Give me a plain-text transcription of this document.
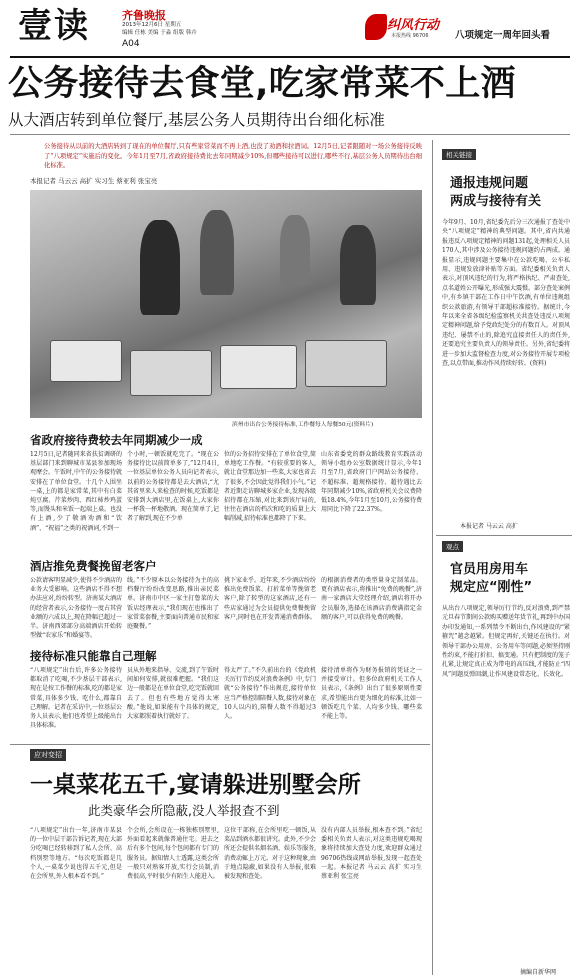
壹读	齐鲁晚报
2013年12月6日 星期五
编辑 任栋 美编 于淼 组版 韩卉
A04
纠风行动
本报热线 96706	八项规定一周年回头看
公务接待去食堂,吃家常菜不上酒
从大酒店转到单位餐厅,基层公务人员期待出台细化标准
公务接待从以前的大酒店转到了现在的单位餐厅,只有些家常菜而不再上酒,也没了劝酒和拉酒词。12月5日,记者跟随对一场公务接待反映了“八项规定”实施后的变化。今年1月至7月,省政府接待费比去年同期减少10%,但哪些接待可以进行,哪些不行,基层公务人员期待出台细化标准。
本报记者 马云云 高扩 实习生 蔡亚利 张宝亮
滨州市出台公务接待标准,工作餐每人每餐50元(资料片)
省政府接待费较去年同期减少一成
12月5日,记者随同来省扶贫调研的基层部门来到聊城市某县参加现场观摩会。午饭时,中午的公务接待就安排在了单位食堂。十几个人围坐一桌,上的都是家常菜,其中有白菜炖豆腐、芹菜炒肉、西红柿炒鸡蛋等,而馒头和米饭一起端上桌。也没有上酒,少了敬酒劝酒和“饮酒”、“祝福”之类的祝酒词,不到一
个小时,一顿饭就吃完了。“现在公务接待比以前简单多了,”12月4日,一位基层单位公务人员向记者表示,以前的公务接待都是去大酒店,“尤其省里来人来检查的时候,吃饭都是安排到大酒店里,在饭桌上,大家你一杯我一杯地敬酒。现在简单了,记者了解到,现在不少单
位的公务招待安排在了单位食堂,简单地吃工作餐。“有较重要的客人,就让食堂那边加一些菜,大家也省去了很多,不会因此觉得我们小气。”记者近期走访聊城多家企业,发现各级招待都在压缩,对比来到该厅局的,往往在酒店的档次和吃的质量上大幅削减,招待标准也都降了下来。
山东省委党的群众路线教育实践活动领导小组办公室数据统计显示,今年1月至7月,省政府门户网站公务接待、不超标准、超规格接待、超待遇比去年同期减少10%,省政府机关会议费降低18.4%,今年1月至10月,公务接待费用同比下降了22.37%。
酒店推免费餐挽留老客户
公款请客明显减少,使得不少酒店的业务大受影响。这些酒店不得不想办法应对,纷纷转型。济南某大酒店的经营者表示,公务接待一度占其营业额的六成以上,现在降幅已超过一半。济南西郊部分高端酒店开始转型做“农家乐”和婚宴等。
线。”不少原本以公务接待为主的高档餐厅纷纷改变思路,推出亲民菜单。济南市中区一家主打鲁菜的大饭店经理表示,“我们现在也推出了家常菜套餐,主要面向普通市民和家庭聚餐。”
挑下家业乎。近年来,不少酒店纷纷推出免费饭菜、打折菜单等挽留老客户,除了转型的这家酒店,还有一些店家通过为会员提供免费餐挽留客户,同时也在开发普通消费群体。
的根据消费者的类型量身定制菜品。更有酒店表示,将推出“免费的晚餐”,济南一家酒店大堂经理介绍,酒店将开办会员服务,选择在该酒店消费满指定金额的客户,可以获得免费的晚餐。
接待标准只能靠自己理解
“八项规定”出台后,许多公务接待都取消了吃喝,不少基层干部表示,现在是按工作餐的标准,吃的都是家常菜,具体多少钱、吃什么,都靠自己理解。记者在采访中,一位基层公务人员表示,他们也希望上级能出台具体标准。
员从外地来指导、交流,到了午饭时间如何安排,就很难把握。“我们这边一般都是在单位食堂,吃完饭就回去了。但也有些地方觉得太寒酸。”他说,如果能有个具体的规定,大家都照着执行就好了。
得太严了。”不久前出台的《党政机关厉行节约反对浪费条例》中,专门就“公务接待”作出规范,接待单位应当严格控制陪餐人数,接待对象在10人以内的,陪餐人数不得超过3人。
接待清单将作为财务报销的凭证之一并接受审计。但多位政府机关工作人员表示,《条例》出台了很多原则性要求,希望能出台更为细化的标准,比如一顿饭吃几个菜、人均多少钱、哪些菜不能上等。
应对变招
一桌菜花五千,宴请躲进别墅会所
此类豪华会所隐蔽,没人举报查不到
“八项规定”出台一年,济南市某县的一位中层干部告诉记者,现在大部分吃喝已经转移到了私人会所、高档别墅等地方。“每次吃饭都是几个人,一桌菜少说也得五千元,但是在会所里,外人根本看不到。”
个会所,会所设在一栋独栋别墅里,外面看起来就像普通住宅。进去之后有多个包间,每个包间都有专门的服务员。据知情人士透露,这类会所一般只对熟客开放,实行会员制,消费很高,平时很少有陌生人能进入。
这位干部称,在会所里吃一顿饭,从菜品到酒水都很讲究。此外,不少会所还会提供名烟名酒、娱乐等服务,消费动辄上万元。对于这种现象,由于地点隐蔽,如果没有人举报,很难被发现和查处。
没有内部人员举报,根本查不到。”省纪委相关负责人表示,对这类违规吃喝现象将持续加大查处力度,欢迎群众通过96706热线或网站举报,发现一起查处一起。本报记者 马云云 高扩 实习生 蔡亚利 张宝亮
相关链接
通报违规问题
两成与接待有关
今年9月、10月,省纪委先后分三次通报了查处中央“八项规定”精神的典型问题。其中,省内共通报违反八项规定精神的问题131起,处理相关人员170人,其中涉及公务接待违规问题约占两成。通报显示,违规问题主要集中在公款吃喝、公车私用、违规发放津补贴等方面。省纪委相关负责人表示,对顶风违纪的行为,将严格执纪、严肃查处,点名道姓公开曝光,形成强大震慑。部分查处案例中,有乡镇干部在工作日中午饮酒,有单位违规组织公款旅游,有领导干部超标准接待。据统计,今年以来全省各级纪检监察机关共查处违反八项规定精神问题,给予党政纪处分的有数百人。对顶风违纪、屡禁不止的,除追究直接责任人的责任外,还要追究主要负责人的领导责任。另外,省纪委将进一步加大监督检查力度,对公务接待开展专项检查,以点带面,推动作风持续好转。(资料)
本报记者 马云云 高扩
观点
官员用房用车
规定应“刚性”
从出台八项规定,领导厉行节约,反对浪费,到严禁元旦春节期间公款购买赠送年货节礼,再到中办国办印发通知,一系列禁令不断出台,作风建设的“紧箍咒”越念越紧。但规定再好,关键还在执行。对领导干部办公用房、公务用车等问题,必须坚持刚性约束,不能打折扣、搞变通。只有把制度的笼子扎紧,让规定真正成为带电的高压线,才能防止“四风”问题反弹回潮,让作风建设常态化、长效化。
摘编自新华网
